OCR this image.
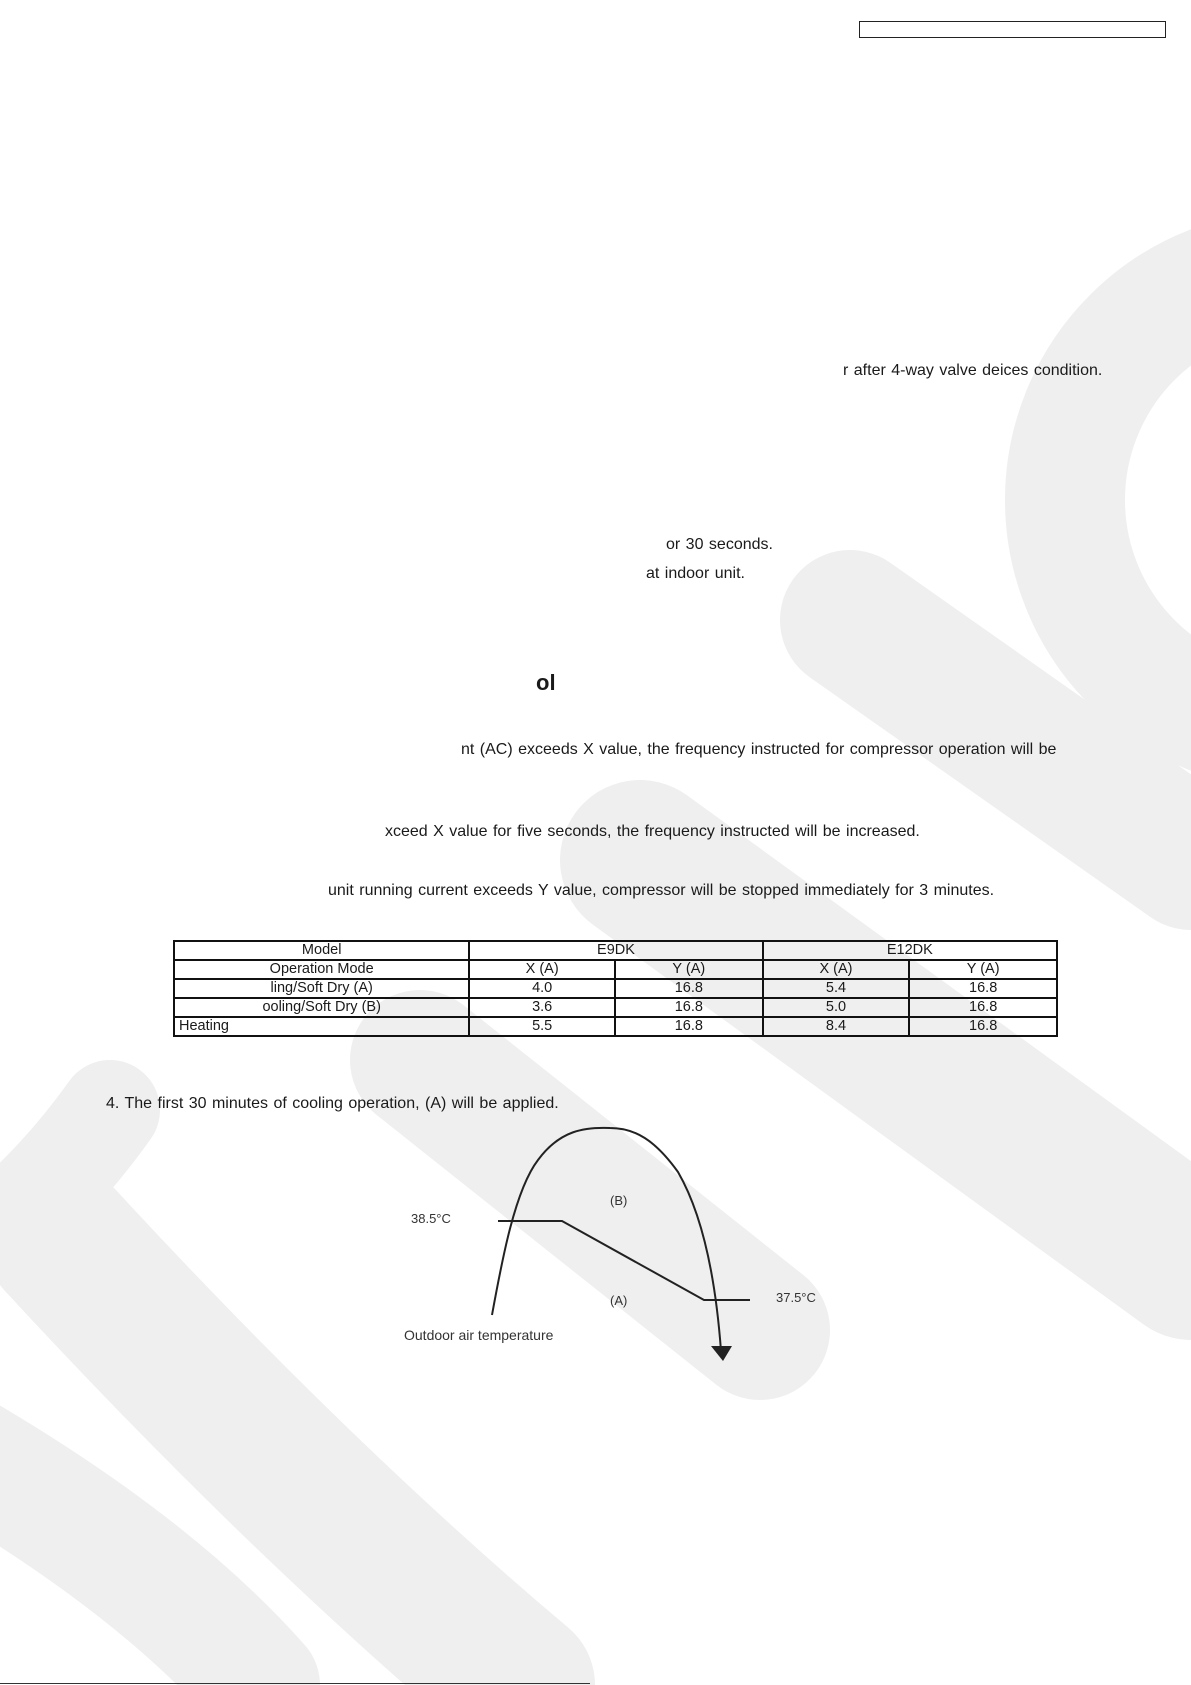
r after 4-way valve deices condition.
or 30 seconds.
at indoor unit.
ol
nt (AC) exceeds X value, the frequency instructed for compressor operation will be
xceed X value for five seconds, the frequency instructed will be increased.
unit running current exceeds Y value, compressor will be stopped immediately for 3 minutes.
Model	E9DK		E12DK	
Operation Mode	X (A)	Y (A)	X (A)	Y (A)
ling/Soft Dry (A)	4.0	16.8	5.4	16.8
ooling/Soft Dry (B)	3.6	16.8	5.0	16.8
Heating	5.5	16.8	8.4	16.8
4. The first 30 minutes of cooling operation, (A) will be applied.
38.5°C
37.5°C
(B)
(A)
Outdoor air temperature
